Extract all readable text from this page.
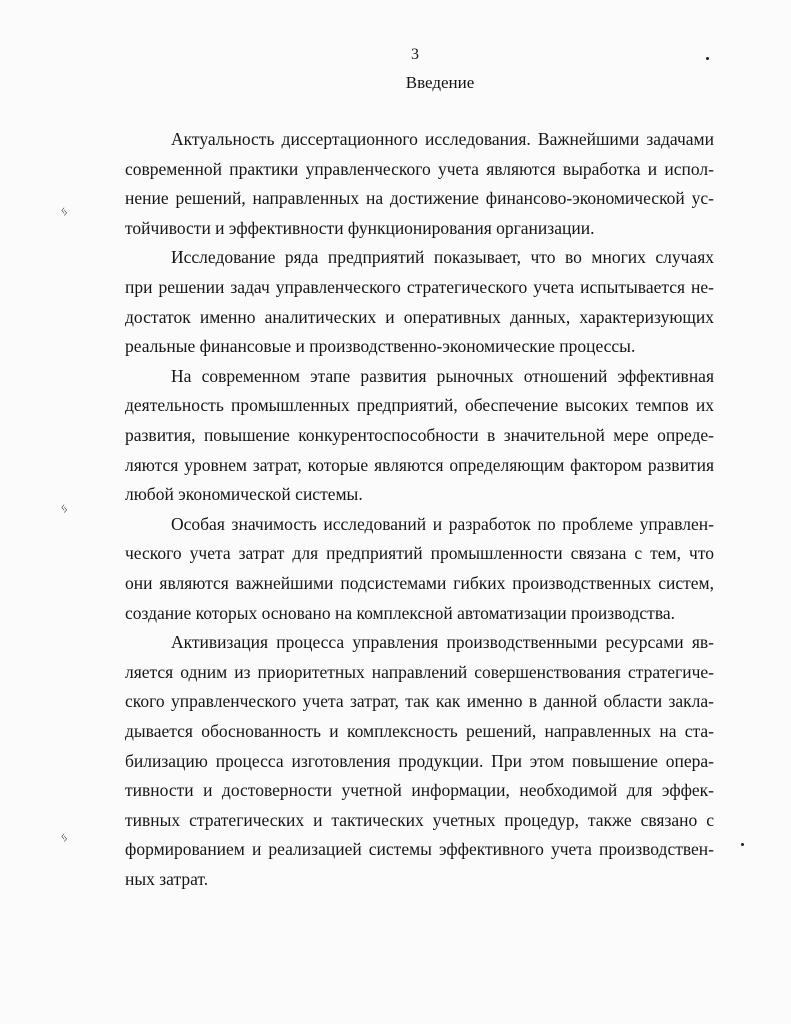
3
Введение
Актуальность диссертационного исследования. Важнейшими задачами
современной практики управленческого учета являются выработка и испол-
нение решений, направленных на достижение финансово-экономической ус-
тойчивости и эффективности функционирования организации.
Исследование ряда предприятий показывает, что во многих случаях
при решении задач управленческого стратегического учета испытывается не-
достаток именно аналитических и оперативных данных, характеризующих
реальные финансовые и производственно-экономические процессы.
На современном этапе развития рыночных отношений эффективная
деятельность промышленных предприятий, обеспечение высоких темпов их
развития, повышение конкурентоспособности в значительной мере опреде-
ляются уровнем затрат, которые являются определяющим фактором развития
любой экономической системы.
Особая значимость исследований и разработок по проблеме управлен-
ческого учета затрат для предприятий промышленности связана с тем, что
они являются важнейшими подсистемами гибких производственных систем,
создание которых основано на комплексной автоматизации производства.
Активизация процесса управления производственными ресурсами яв-
ляется одним из приоритетных направлений совершенствования стратегиче-
ского управленческого учета затрат, так как именно в данной области закла-
дывается обоснованность и комплексность решений, направленных на ста-
билизацию процесса изготовления продукции. При этом повышение опера-
тивности и достоверности учетной информации, необходимой для эффек-
тивных стратегических и тактических учетных процедур, также связано с
формированием и реализацией системы эффективного учета производствен-
ных затрат.
ᛃ
ᛃ
ᛃ
